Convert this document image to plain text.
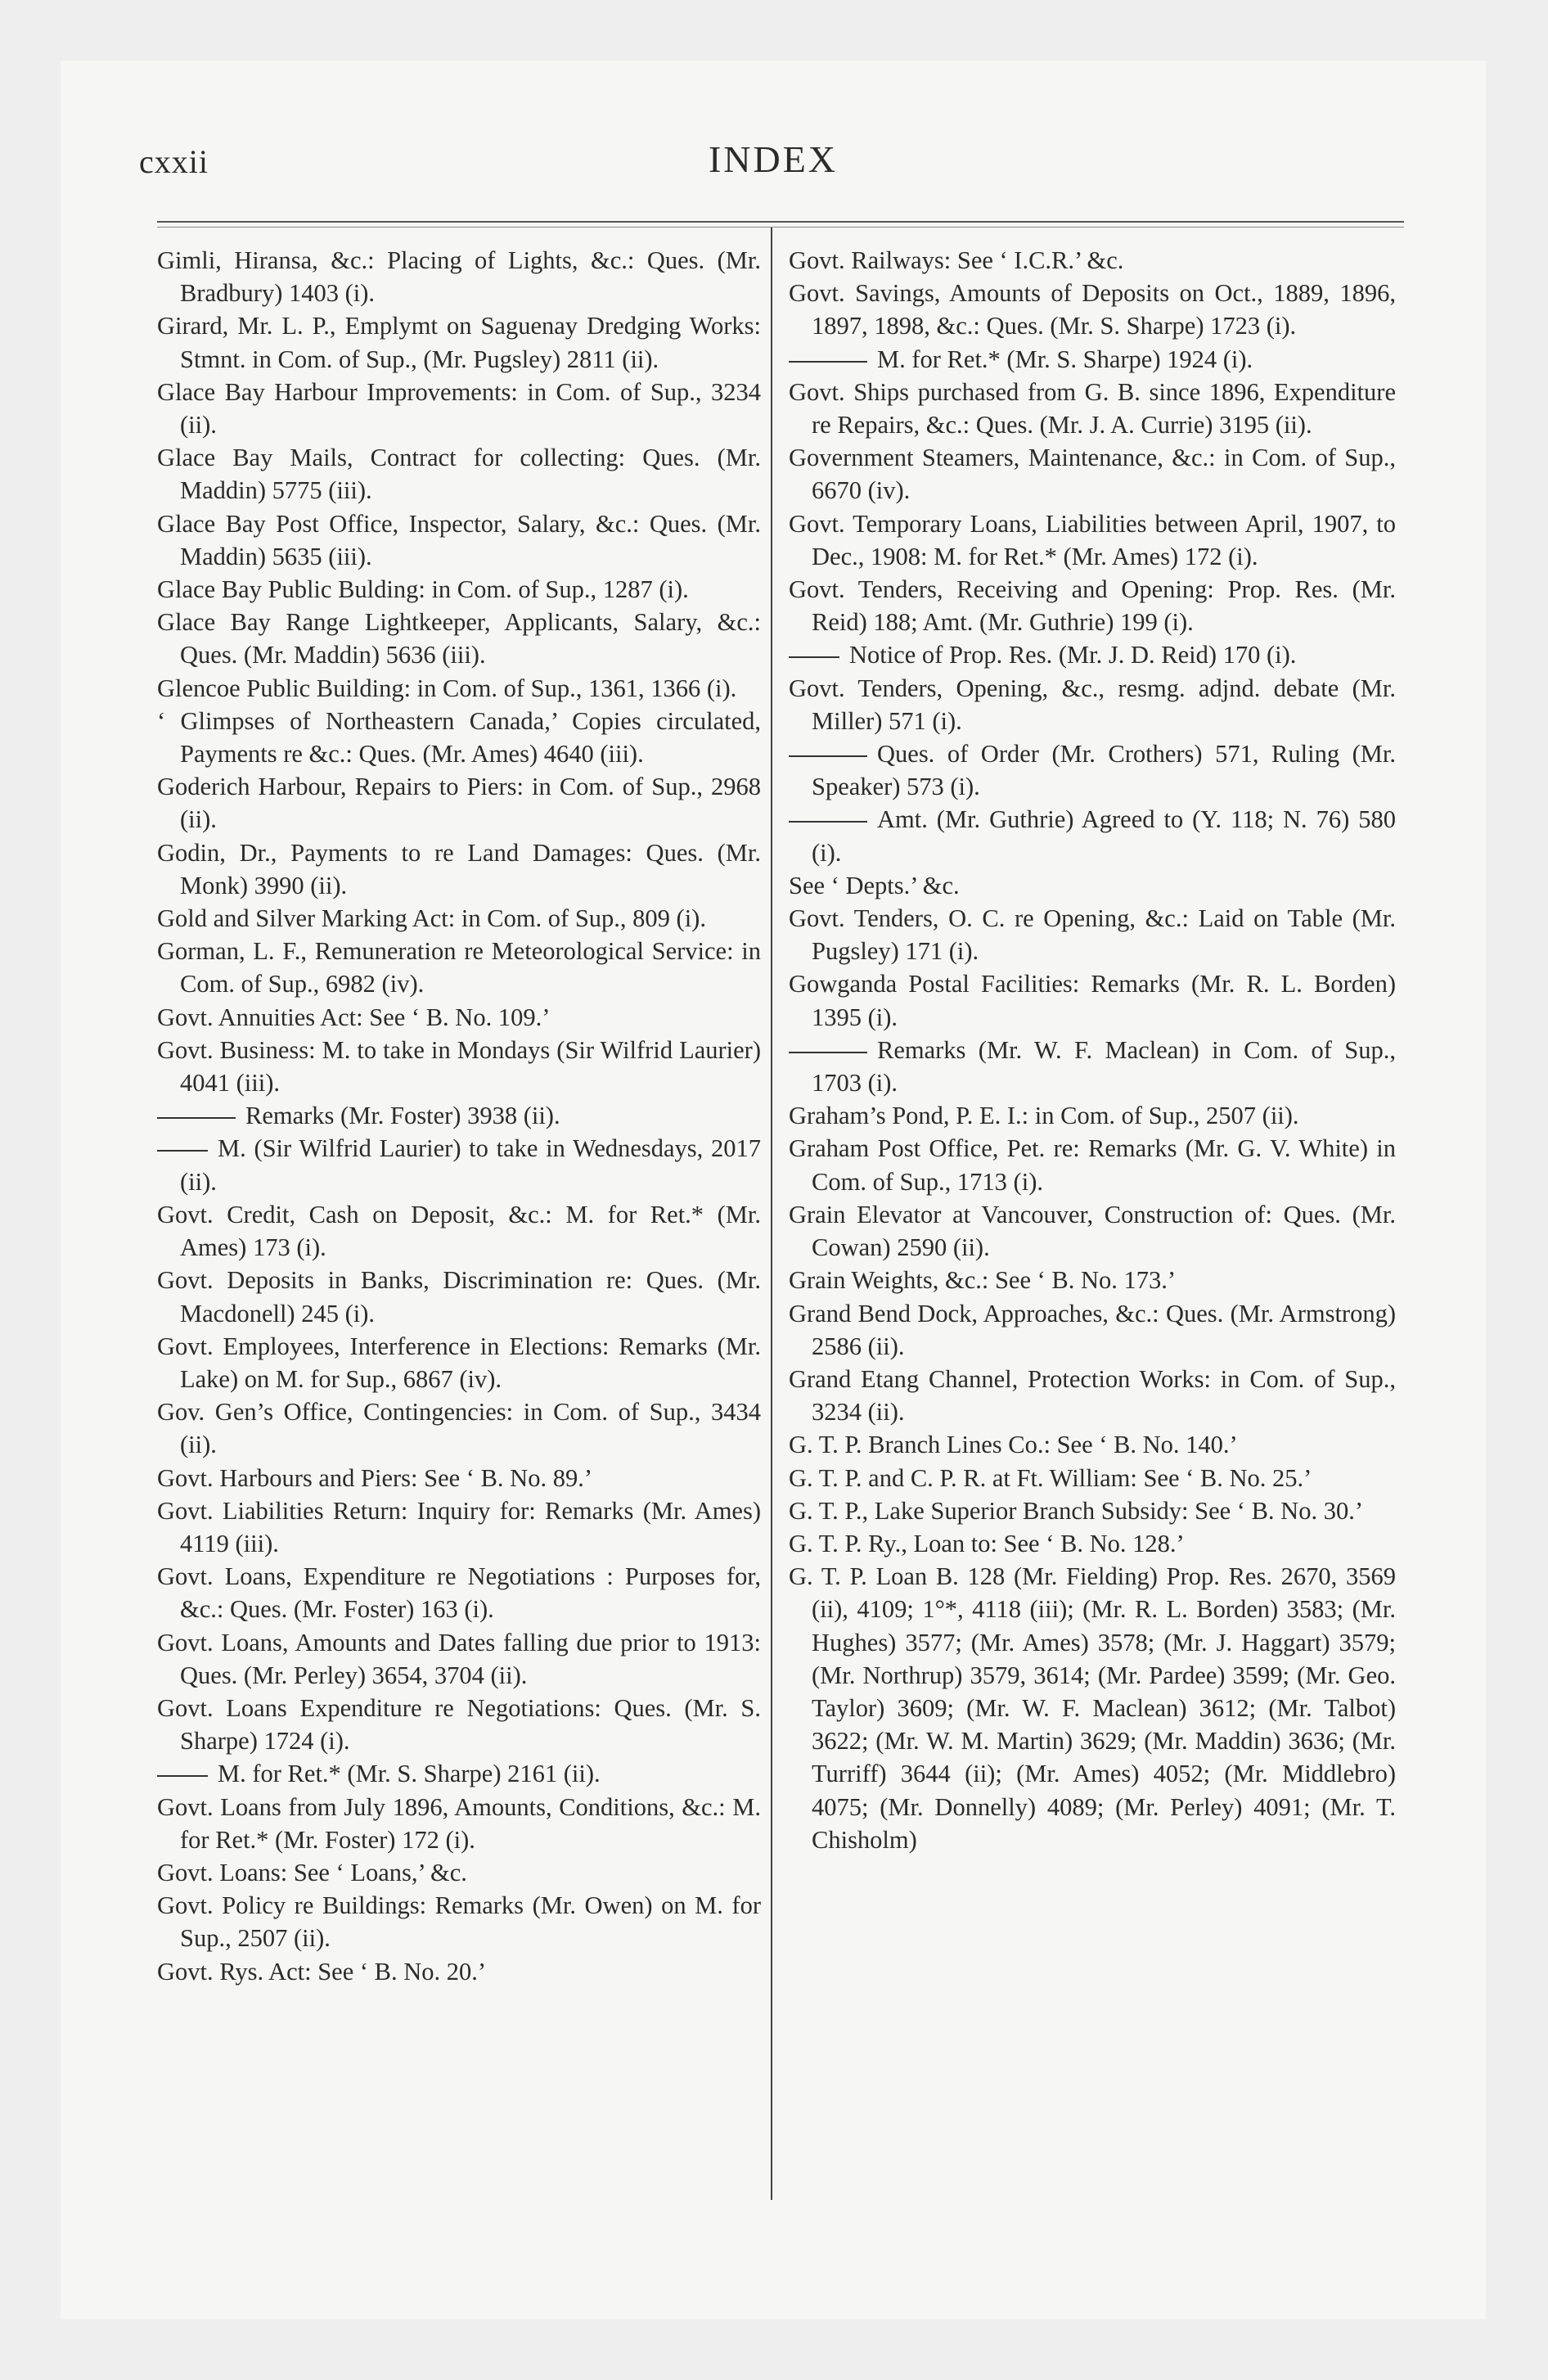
cxxii	INDEX

Gimli, Hiransa, &c.: Placing of Lights, &c.: Ques. (Mr. Bradbury) 1403 (i).

Girard, Mr. L. P., Emplymt on Saguenay Dredging Works: Stmnt. in Com. of Sup., (Mr. Pugsley) 2811 (ii).

Glace Bay Harbour Improvements: in Com. of Sup., 3234 (ii).

Glace Bay Mails, Contract for collecting: Ques. (Mr. Maddin) 5775 (iii).

Glace Bay Post Office, Inspector, Salary, &c.: Ques. (Mr. Maddin) 5635 (iii).

Glace Bay Public Bulding: in Com. of Sup., 1287 (i).

Glace Bay Range Lightkeeper, Applicants, Salary, &c.: Ques. (Mr. Maddin) 5636 (iii).

Glencoe Public Building: in Com. of Sup., 1361, 1366 (i).

‘ Glimpses of Northeastern Canada,’ Copies circulated, Payments re &c.: Ques. (Mr. Ames) 4640 (iii).

Goderich Harbour, Repairs to Piers: in Com. of Sup., 2968 (ii).

Godin, Dr., Payments to re Land Damages: Ques. (Mr. Monk) 3990 (ii).

Gold and Silver Marking Act: in Com. of Sup., 809 (i).

Gorman, L. F., Remuneration re Meteorological Service: in Com. of Sup., 6982 (iv).

Govt. Annuities Act: See ‘ B. No. 109.’

Govt. Business: M. to take in Mondays (Sir Wilfrid Laurier) 4041 (iii).

Remarks (Mr. Foster) 3938 (ii).

M. (Sir Wilfrid Laurier) to take in Wednesdays, 2017 (ii).

Govt. Credit, Cash on Deposit, &c.: M. for Ret.* (Mr. Ames) 173 (i).

Govt. Deposits in Banks, Discrimination re: Ques. (Mr. Macdonell) 245 (i).

Govt. Employees, Interference in Elections: Remarks (Mr. Lake) on M. for Sup., 6867 (iv).

Gov. Gen’s Office, Contingencies: in Com. of Sup., 3434 (ii).

Govt. Harbours and Piers: See ‘ B. No. 89.’

Govt. Liabilities Return: Inquiry for: Remarks (Mr. Ames) 4119 (iii).

Govt. Loans, Expenditure re Negotiations : Purposes for, &c.: Ques. (Mr. Foster) 163 (i).

Govt. Loans, Amounts and Dates falling due prior to 1913: Ques. (Mr. Perley) 3654, 3704 (ii).

Govt. Loans Expenditure re Negotiations: Ques. (Mr. S. Sharpe) 1724 (i).

M. for Ret.* (Mr. S. Sharpe) 2161 (ii).

Govt. Loans from July 1896, Amounts, Conditions, &c.: M. for Ret.* (Mr. Foster) 172 (i).

Govt. Loans: See ‘ Loans,’ &c.

Govt. Policy re Buildings: Remarks (Mr. Owen) on M. for Sup., 2507 (ii).

Govt. Rys. Act: See ‘ B. No. 20.’

Govt. Railways: See ‘ I.C.R.’ &c.

Govt. Savings, Amounts of Deposits on Oct., 1889, 1896, 1897, 1898, &c.: Ques. (Mr. S. Sharpe) 1723 (i).

M. for Ret.* (Mr. S. Sharpe) 1924 (i).

Govt. Ships purchased from G. B. since 1896, Expenditure re Repairs, &c.: Ques. (Mr. J. A. Currie) 3195 (ii).

Government Steamers, Maintenance, &c.: in Com. of Sup., 6670 (iv).

Govt. Temporary Loans, Liabilities between April, 1907, to Dec., 1908: M. for Ret.* (Mr. Ames) 172 (i).

Govt. Tenders, Receiving and Opening: Prop. Res. (Mr. Reid) 188; Amt. (Mr. Guthrie) 199 (i).

Notice of Prop. Res. (Mr. J. D. Reid) 170 (i).

Govt. Tenders, Opening, &c., resmg. adjnd. debate (Mr. Miller) 571 (i).

Ques. of Order (Mr. Crothers) 571, Ruling (Mr. Speaker) 573 (i).

Amt. (Mr. Guthrie) Agreed to (Y. 118; N. 76) 580 (i).

See ‘ Depts.’ &c.

Govt. Tenders, O. C. re Opening, &c.: Laid on Table (Mr. Pugsley) 171 (i).

Gowganda Postal Facilities: Remarks (Mr. R. L. Borden) 1395 (i).

Remarks (Mr. W. F. Maclean) in Com. of Sup., 1703 (i).

Graham’s Pond, P. E. I.: in Com. of Sup., 2507 (ii).

Graham Post Office, Pet. re: Remarks (Mr. G. V. White) in Com. of Sup., 1713 (i).

Grain Elevator at Vancouver, Construction of: Ques. (Mr. Cowan) 2590 (ii).

Grain Weights, &c.: See ‘ B. No. 173.’

Grand Bend Dock, Approaches, &c.: Ques. (Mr. Armstrong) 2586 (ii).

Grand Etang Channel, Protection Works: in Com. of Sup., 3234 (ii).

G. T. P. Branch Lines Co.: See ‘ B. No. 140.’

G. T. P. and C. P. R. at Ft. William: See ‘ B. No. 25.’

G. T. P., Lake Superior Branch Subsidy: See ‘ B. No. 30.’

G. T. P. Ry., Loan to: See ‘ B. No. 128.’

G. T. P. Loan B. 128 (Mr. Fielding) Prop. Res. 2670, 3569 (ii), 4109; 1°*, 4118 (iii); (Mr. R. L. Borden) 3583; (Mr. Hughes) 3577; (Mr. Ames) 3578; (Mr. J. Haggart) 3579; (Mr. Northrup) 3579, 3614; (Mr. Pardee) 3599; (Mr. Geo. Taylor) 3609; (Mr. W. F. Maclean) 3612; (Mr. Talbot) 3622; (Mr. W. M. Martin) 3629; (Mr. Maddin) 3636; (Mr. Turriff) 3644 (ii); (Mr. Ames) 4052; (Mr. Middlebro) 4075; (Mr. Donnelly) 4089; (Mr. Perley) 4091; (Mr. T. Chisholm)
